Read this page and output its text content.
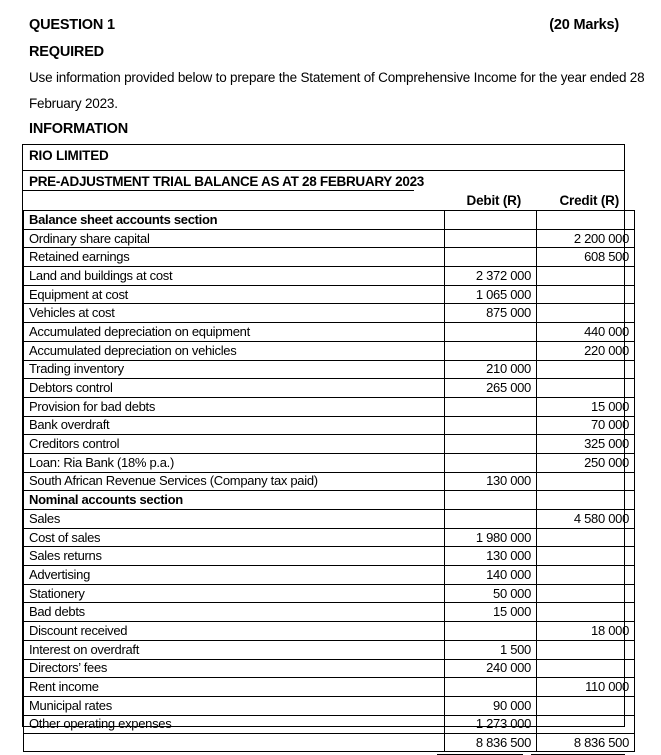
QUESTION 1	(20 Marks)
REQUIRED
Use information provided below to prepare the Statement of Comprehensive Income for the year ended 28
February 2023.
INFORMATION
RIO LIMITED
PRE-ADJUSTMENT TRIAL BALANCE AS AT 28 FEBRUARY 2023
Debit (R)	Credit (R)
Balance sheet accounts section		
Ordinary share capital		2 200 000
Retained earnings		608 500
Land and buildings at cost	2 372 000	
Equipment at cost	1 065 000	
Vehicles at cost	875 000	
Accumulated depreciation on equipment		440 000
Accumulated depreciation on vehicles		220 000
Trading inventory	210 000	
Debtors control	265 000	
Provision for bad debts		15 000
Bank overdraft		70 000
Creditors control		325 000
Loan: Ria Bank (18% p.a.)		250 000
South African Revenue Services (Company tax paid)	130 000	
Nominal accounts section		
Sales		4 580 000
Cost of sales	1 980 000	
Sales returns	130 000	
Advertising	140 000	
Stationery	50 000	
Bad debts	15 000	
Discount received		18 000
Interest on overdraft	1 500	
Directors’ fees	240 000	
Rent income		110 000
Municipal rates	90 000	
Other operating expenses	1 273 000	
	8 836 500	8 836 500
